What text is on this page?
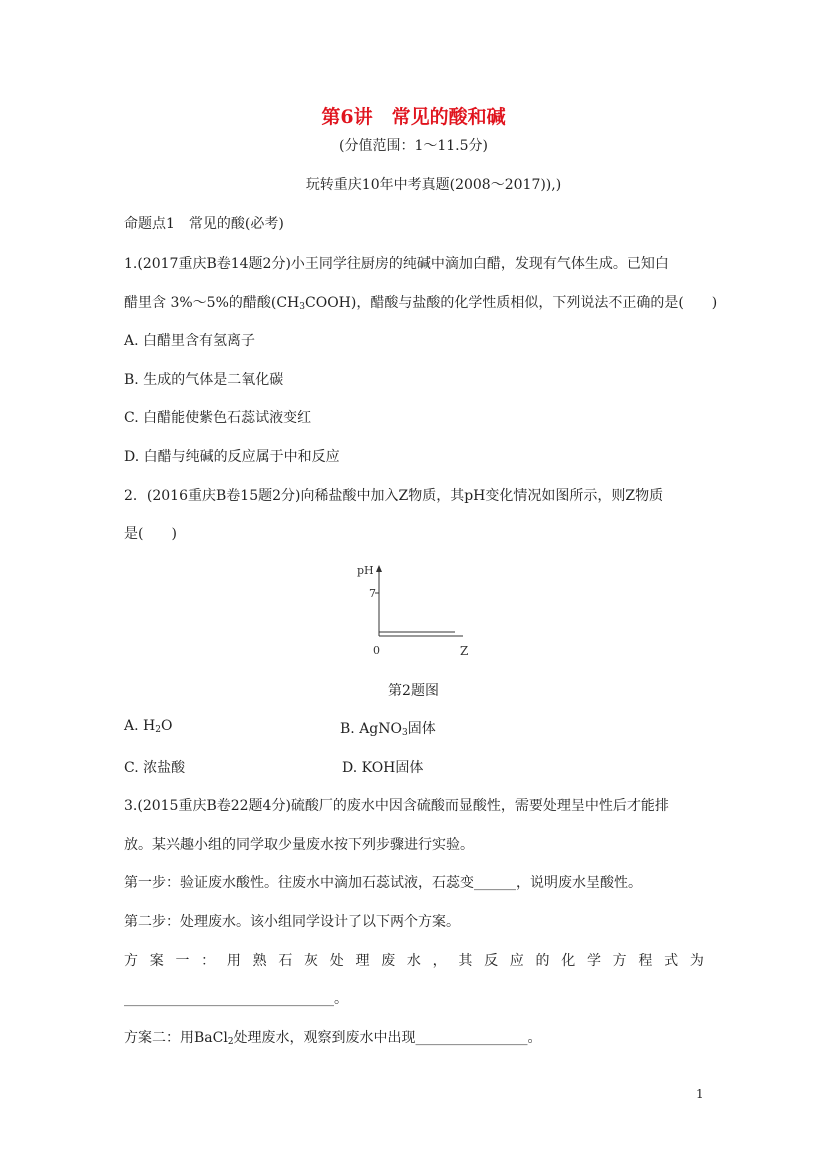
第6讲　常见的酸和碱
(分值范围：1～11.5分)
玩转重庆10年中考真题(2008～2017)),)
命题点1　常见的酸(必考)
1.(2017重庆B卷14题2分)小王同学往厨房的纯碱中滴加白醋，发现有气体生成。已知白
醋里含 3%～5%的醋酸$(CH_3COOH)$，醋酸与盐酸的化学性质相似，下列说法不正确的是(　　)
A. 白醋里含有氢离子
B. 生成的气体是二氧化碳
C. 白醋能使紫色石蕊试液变红
D. 白醋与纯碱的反应属于中和反应
2．(2016重庆B卷15题2分)向稀盐酸中加入Z物质，其pH变化情况如图所示，则Z物质
是(　　)
pH
7
0	Z
第2题图
A. $H_2O$	B. AgNO$_3$固体
C. 浓盐酸	D. KOH固体
3.(2015重庆B卷22题4分)硫酸厂的废水中因含硫酸而显酸性，需要处理呈中性后才能排
放。某兴趣小组的同学取少量废水按下列步骤进行实验。
第一步：验证废水酸性。往废水中滴加石蕊试液，石蕊变______，说明废水呈酸性。
第二步：处理废水。该小组同学设计了以下两个方案。
方 案 一 ： 用 熟 石 灰 处 理 废 水 ， 其 反 应 的 化 学 方 程 式 为
______________________________。
方案二：用BaCl$_2$处理废水，观察到废水中出现________________。
1
